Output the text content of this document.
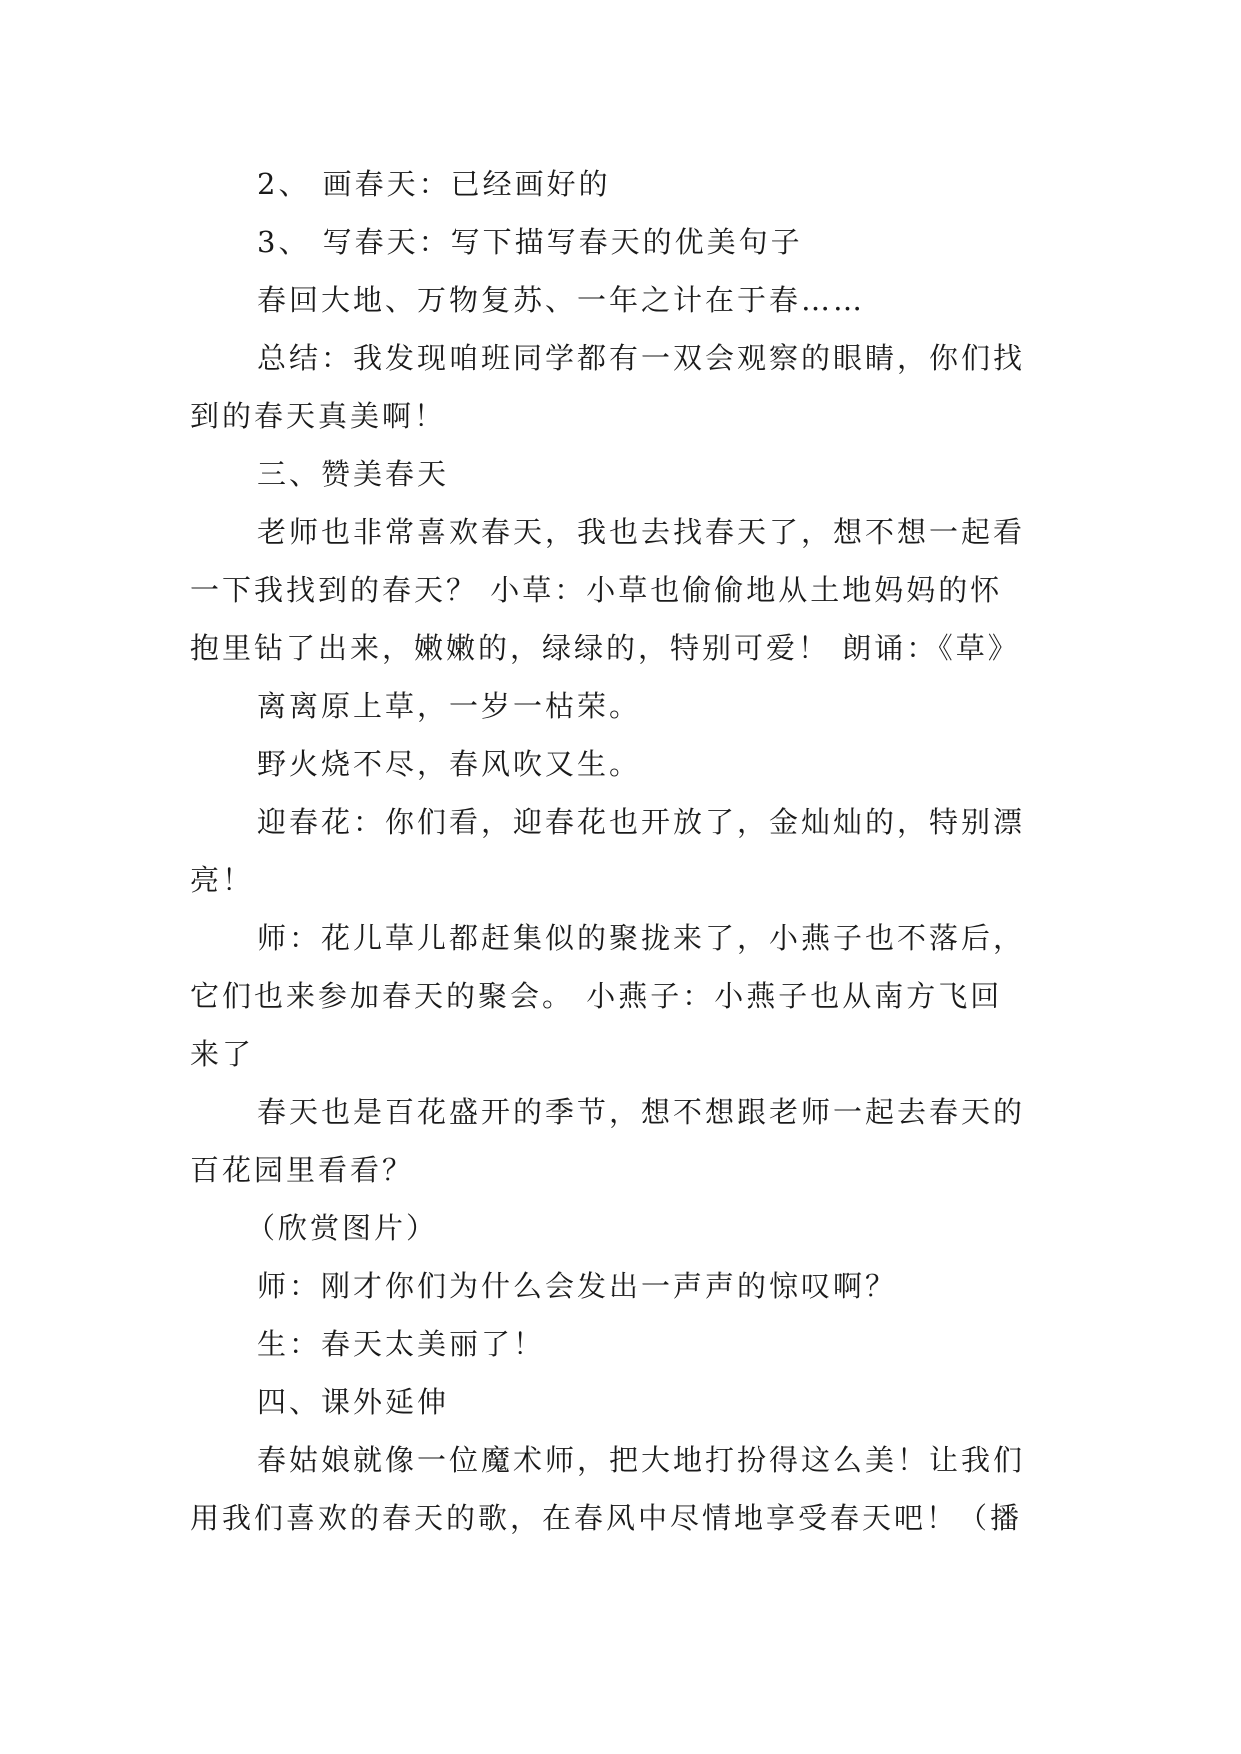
2、 画春天：已经画好的
3、 写春天：写下描写春天的优美句子
春回大地、万物复苏、一年之计在于春……
总结：我发现咱班同学都有一双会观察的眼睛，你们找
到的春天真美啊！
三、赞美春天
老师也非常喜欢春天，我也去找春天了，想不想一起看
一下我找到的春天？ 小草：小草也偷偷地从土地妈妈的怀
抱里钻了出来，嫩嫩的，绿绿的，特别可爱！ 朗诵：《草》
离离原上草，一岁一枯荣。
野火烧不尽，春风吹又生。
迎春花：你们看，迎春花也开放了，金灿灿的，特别漂
亮！
师：花儿草儿都赶集似的聚拢来了，小燕子也不落后，
它们也来参加春天的聚会。 小燕子：小燕子也从南方飞回
来了
春天也是百花盛开的季节，想不想跟老师一起去春天的
百花园里看看？
（欣赏图片）
师：刚才你们为什么会发出一声声的惊叹啊？
生：春天太美丽了！
四、课外延伸
春姑娘就像一位魔术师，把大地打扮得这么美！让我们
用我们喜欢的春天的歌，在春风中尽情地享受春天吧！（播
